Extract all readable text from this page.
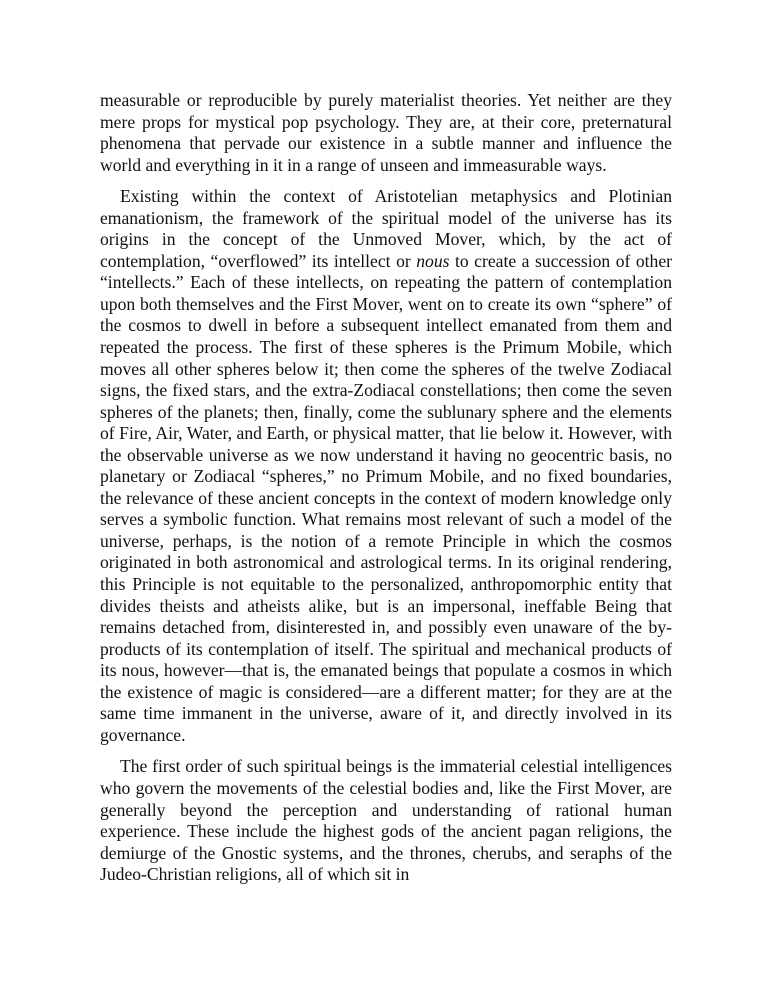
measurable or reproducible by purely materialist theories. Yet neither are they mere props for mystical pop psychology. They are, at their core, preternatural phenomena that pervade our existence in a subtle manner and influence the world and everything in it in a range of unseen and immeasurable ways.

Existing within the context of Aristotelian metaphysics and Plotinian emanationism, the framework of the spiritual model of the universe has its origins in the concept of the Unmoved Mover, which, by the act of contemplation, “overflowed” its intellect or nous to create a succession of other “intellects.” Each of these intellects, on repeating the pattern of contemplation upon both themselves and the First Mover, went on to create its own “sphere” of the cosmos to dwell in before a subsequent intellect emanated from them and repeated the process. The first of these spheres is the Primum Mobile, which moves all other spheres below it; then come the spheres of the twelve Zodiacal signs, the fixed stars, and the extra-Zodiacal constellations; then come the seven spheres of the planets; then, finally, come the sublunary sphere and the elements of Fire, Air, Water, and Earth, or physical matter, that lie below it. However, with the observable universe as we now understand it having no geocentric basis, no planetary or Zodiacal “spheres,” no Primum Mobile, and no fixed boundaries, the relevance of these ancient concepts in the context of modern knowledge only serves a symbolic function. What remains most relevant of such a model of the universe, perhaps, is the notion of a remote Principle in which the cosmos originated in both astronomical and astrological terms. In its original rendering, this Principle is not equitable to the personalized, anthropomorphic entity that divides theists and atheists alike, but is an impersonal, ineffable Being that remains detached from, disinterested in, and possibly even unaware of the by-products of its contemplation of itself. The spiritual and mechanical products of its nous, however—that is, the emanated beings that populate a cosmos in which the existence of magic is considered—are a different matter; for they are at the same time immanent in the universe, aware of it, and directly involved in its governance.

The first order of such spiritual beings is the immaterial celestial intelligences who govern the movements of the celestial bodies and, like the First Mover, are generally beyond the perception and understanding of rational human experience. These include the highest gods of the ancient pagan religions, the demiurge of the Gnostic systems, and the thrones, cherubs, and seraphs of the Judeo-Christian religions, all of which sit in
